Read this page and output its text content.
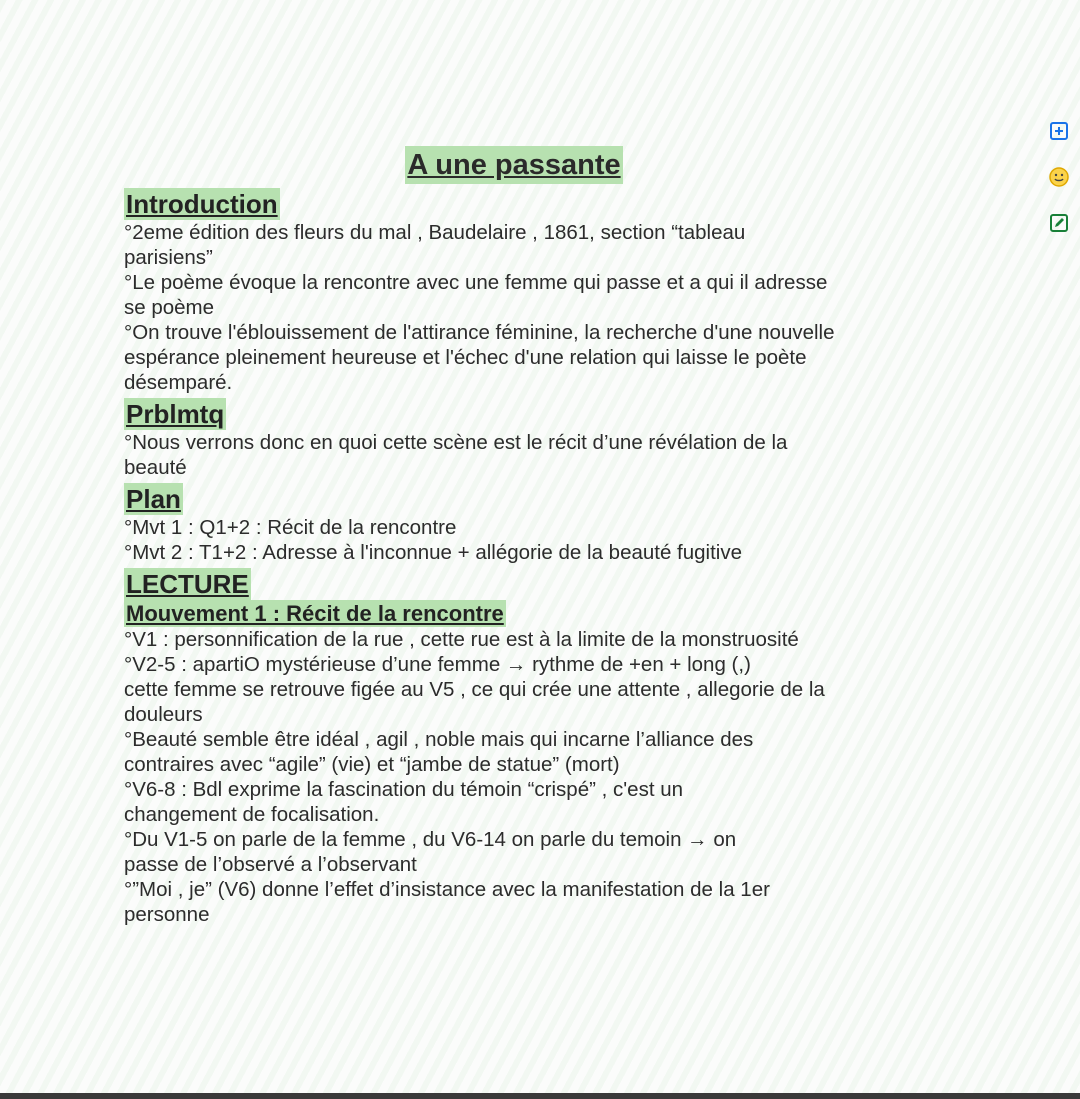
A une passante
Introduction

°2eme édition des fleurs du mal , Baudelaire , 1861, section “tableau

parisiens”

°Le poème évoque la rencontre avec une femme qui passe et a qui il adresse

se poème

°On trouve l'éblouissement de l'attirance féminine, la recherche d'une nouvelle

espérance pleinement heureuse et l'échec d'une relation qui laisse le poète

désemparé.

Prblmtq

°Nous verrons donc en quoi cette scène est le récit d’une révélation de la

beauté

Plan

°Mvt 1 : Q1+2 : Récit de la rencontre

°Mvt 2 : T1+2 : Adresse à l'inconnue + allégorie de la beauté fugitive

LECTURE
Mouvement 1 : Récit de la rencontre

°V1 : personnification de la rue , cette rue est à la limite de la monstruosité

°V2-5 : apartiO mystérieuse d’une femme → rythme de +en + long (,)

cette femme se retrouve figée au V5 , ce qui crée une attente , allegorie de la

douleurs

°Beauté semble être idéal , agil , noble mais qui incarne l’alliance des

contraires avec “agile” (vie) et “jambe de statue” (mort)

°V6-8 : Bdl exprime la fascination du témoin “crispé” , c'est un

changement de focalisation.

°Du V1-5 on parle de la femme , du V6-14 on parle du temoin → on

passe de l’observé a l’observant

°”Moi , je” (V6) donne l’effet d’insistance avec la manifestation de la 1er

personne
